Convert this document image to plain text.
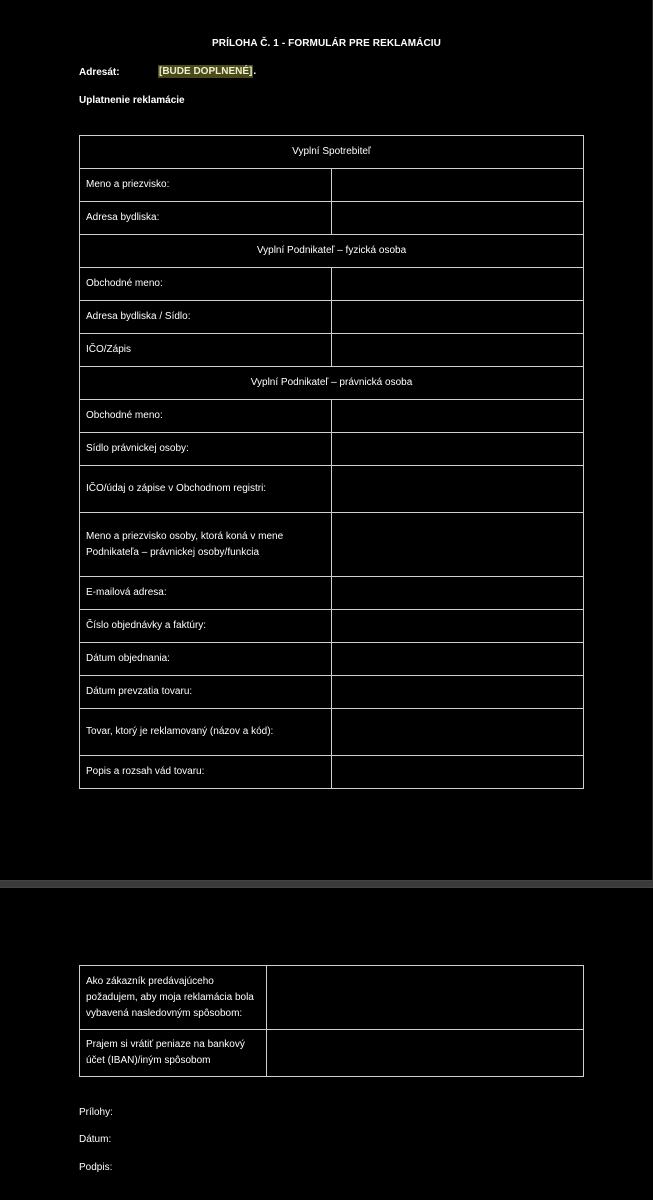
PRÍLOHA Č. 1 - FORMULÁR PRE REKLAMÁCIU
Adresát:	[BUDE DOPLNENÉ].
Uplatnenie reklamácie
Vyplní Spotrebiteľ	
Meno a priezvisko:	
Adresa bydliska:	
Vyplní Podnikateľ – fyzická osoba	
Obchodné meno:	
Adresa bydliska / Sídlo:	
IČO/Zápis	
Vyplní Podnikateľ – právnická osoba	
Obchodné meno:	
Sídlo právnickej osoby:	
IČO/údaj o zápise v Obchodnom registri:	
Meno a priezvisko osoby, ktorá koná v mene Podnikateľa – právnickej osoby/funkcia	
E-mailová adresa:	
Číslo objednávky a faktúry:	
Dátum objednania:	
Dátum prevzatia tovaru:	
Tovar, ktorý je reklamovaný (názov a kód):	
Popis a rozsah vád tovaru:	
Prílohy:
Dátum:
Podpis:
Ako zákazník predávajúceho požadujem, aby moja reklamácia bola vybavená nasledovným spôsobom:	
Prajem si vrátiť peniaze na bankový účet (IBAN)/iným spôsobom	
